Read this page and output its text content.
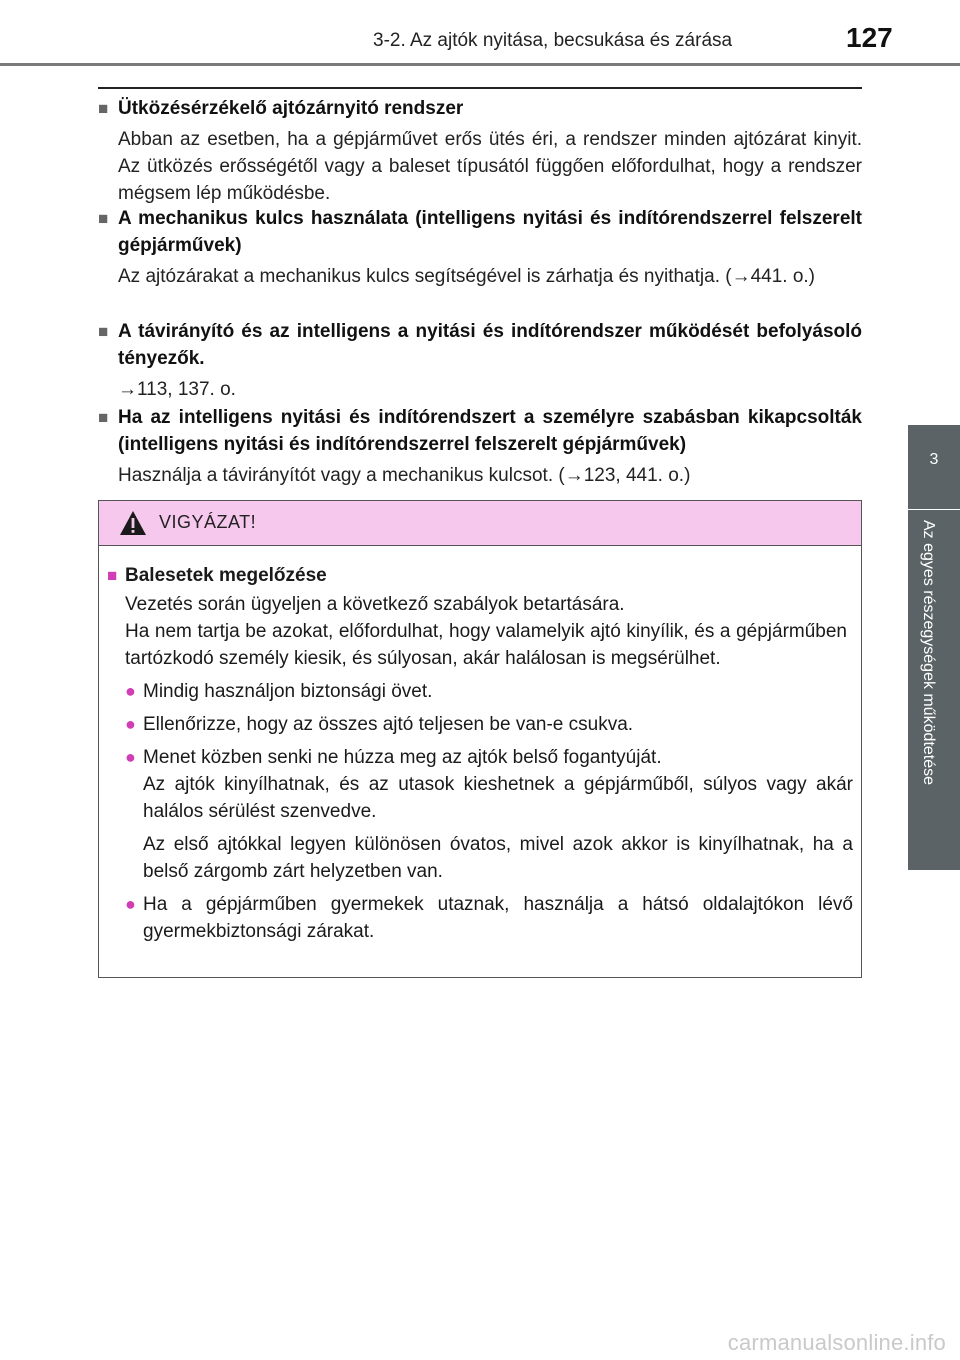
3-2. Az ajtók nyitása, becsukása és zárása	127
3
Az egyes részegységek működtetése
■ Ütközésérzékelő ajtózárnyitó rendszer
Abban az esetben, ha a gépjárművet erős ütés éri, a rendszer minden ajtózárat kinyit. Az ütközés erősségétől vagy a baleset típusától függően előfordulhat, hogy a rendszer mégsem lép működésbe.
■ A mechanikus kulcs használata (intelligens nyitási és indítórendszerrel felszerelt gépjárművek)
Az ajtózárakat a mechanikus kulcs segítségével is zárhatja és nyithatja. (→441. o.)
■ A távirányító és az intelligens a nyitási és indítórendszer működését befolyásoló tényezők.
→113, 137. o.
■ Ha az intelligens nyitási és indítórendszert a személyre szabásban kikapcsolták (intelligens nyitási és indítórendszerrel felszerelt gépjárművek)
Használja a távirányítót vagy a mechanikus kulcsot. (→123, 441. o.)
VIGYÁZAT!
■ Balesetek megelőzése
Vezetés során ügyeljen a következő szabályok betartására.
Ha nem tartja be azokat, előfordulhat, hogy valamelyik ajtó kinyílik, és a gépjárműben tartózkodó személy kiesik, és súlyosan, akár halálosan is megsérülhet.
● Mindig használjon biztonsági övet.
● Ellenőrizze, hogy az összes ajtó teljesen be van-e csukva.
● Menet közben senki ne húzza meg az ajtók belső fogantyúját.
Az ajtók kinyílhatnak, és az utasok kieshetnek a gépjárműből, súlyos vagy akár halálos sérülést szenvedve.
Az első ajtókkal legyen különösen óvatos, mivel azok akkor is kinyílhatnak, ha a belső zárgomb zárt helyzetben van.
● Ha a gépjárműben gyermekek utaznak, használja a hátsó oldalajtókon lévő gyermekbiztonsági zárakat.
carmanualsonline.info
